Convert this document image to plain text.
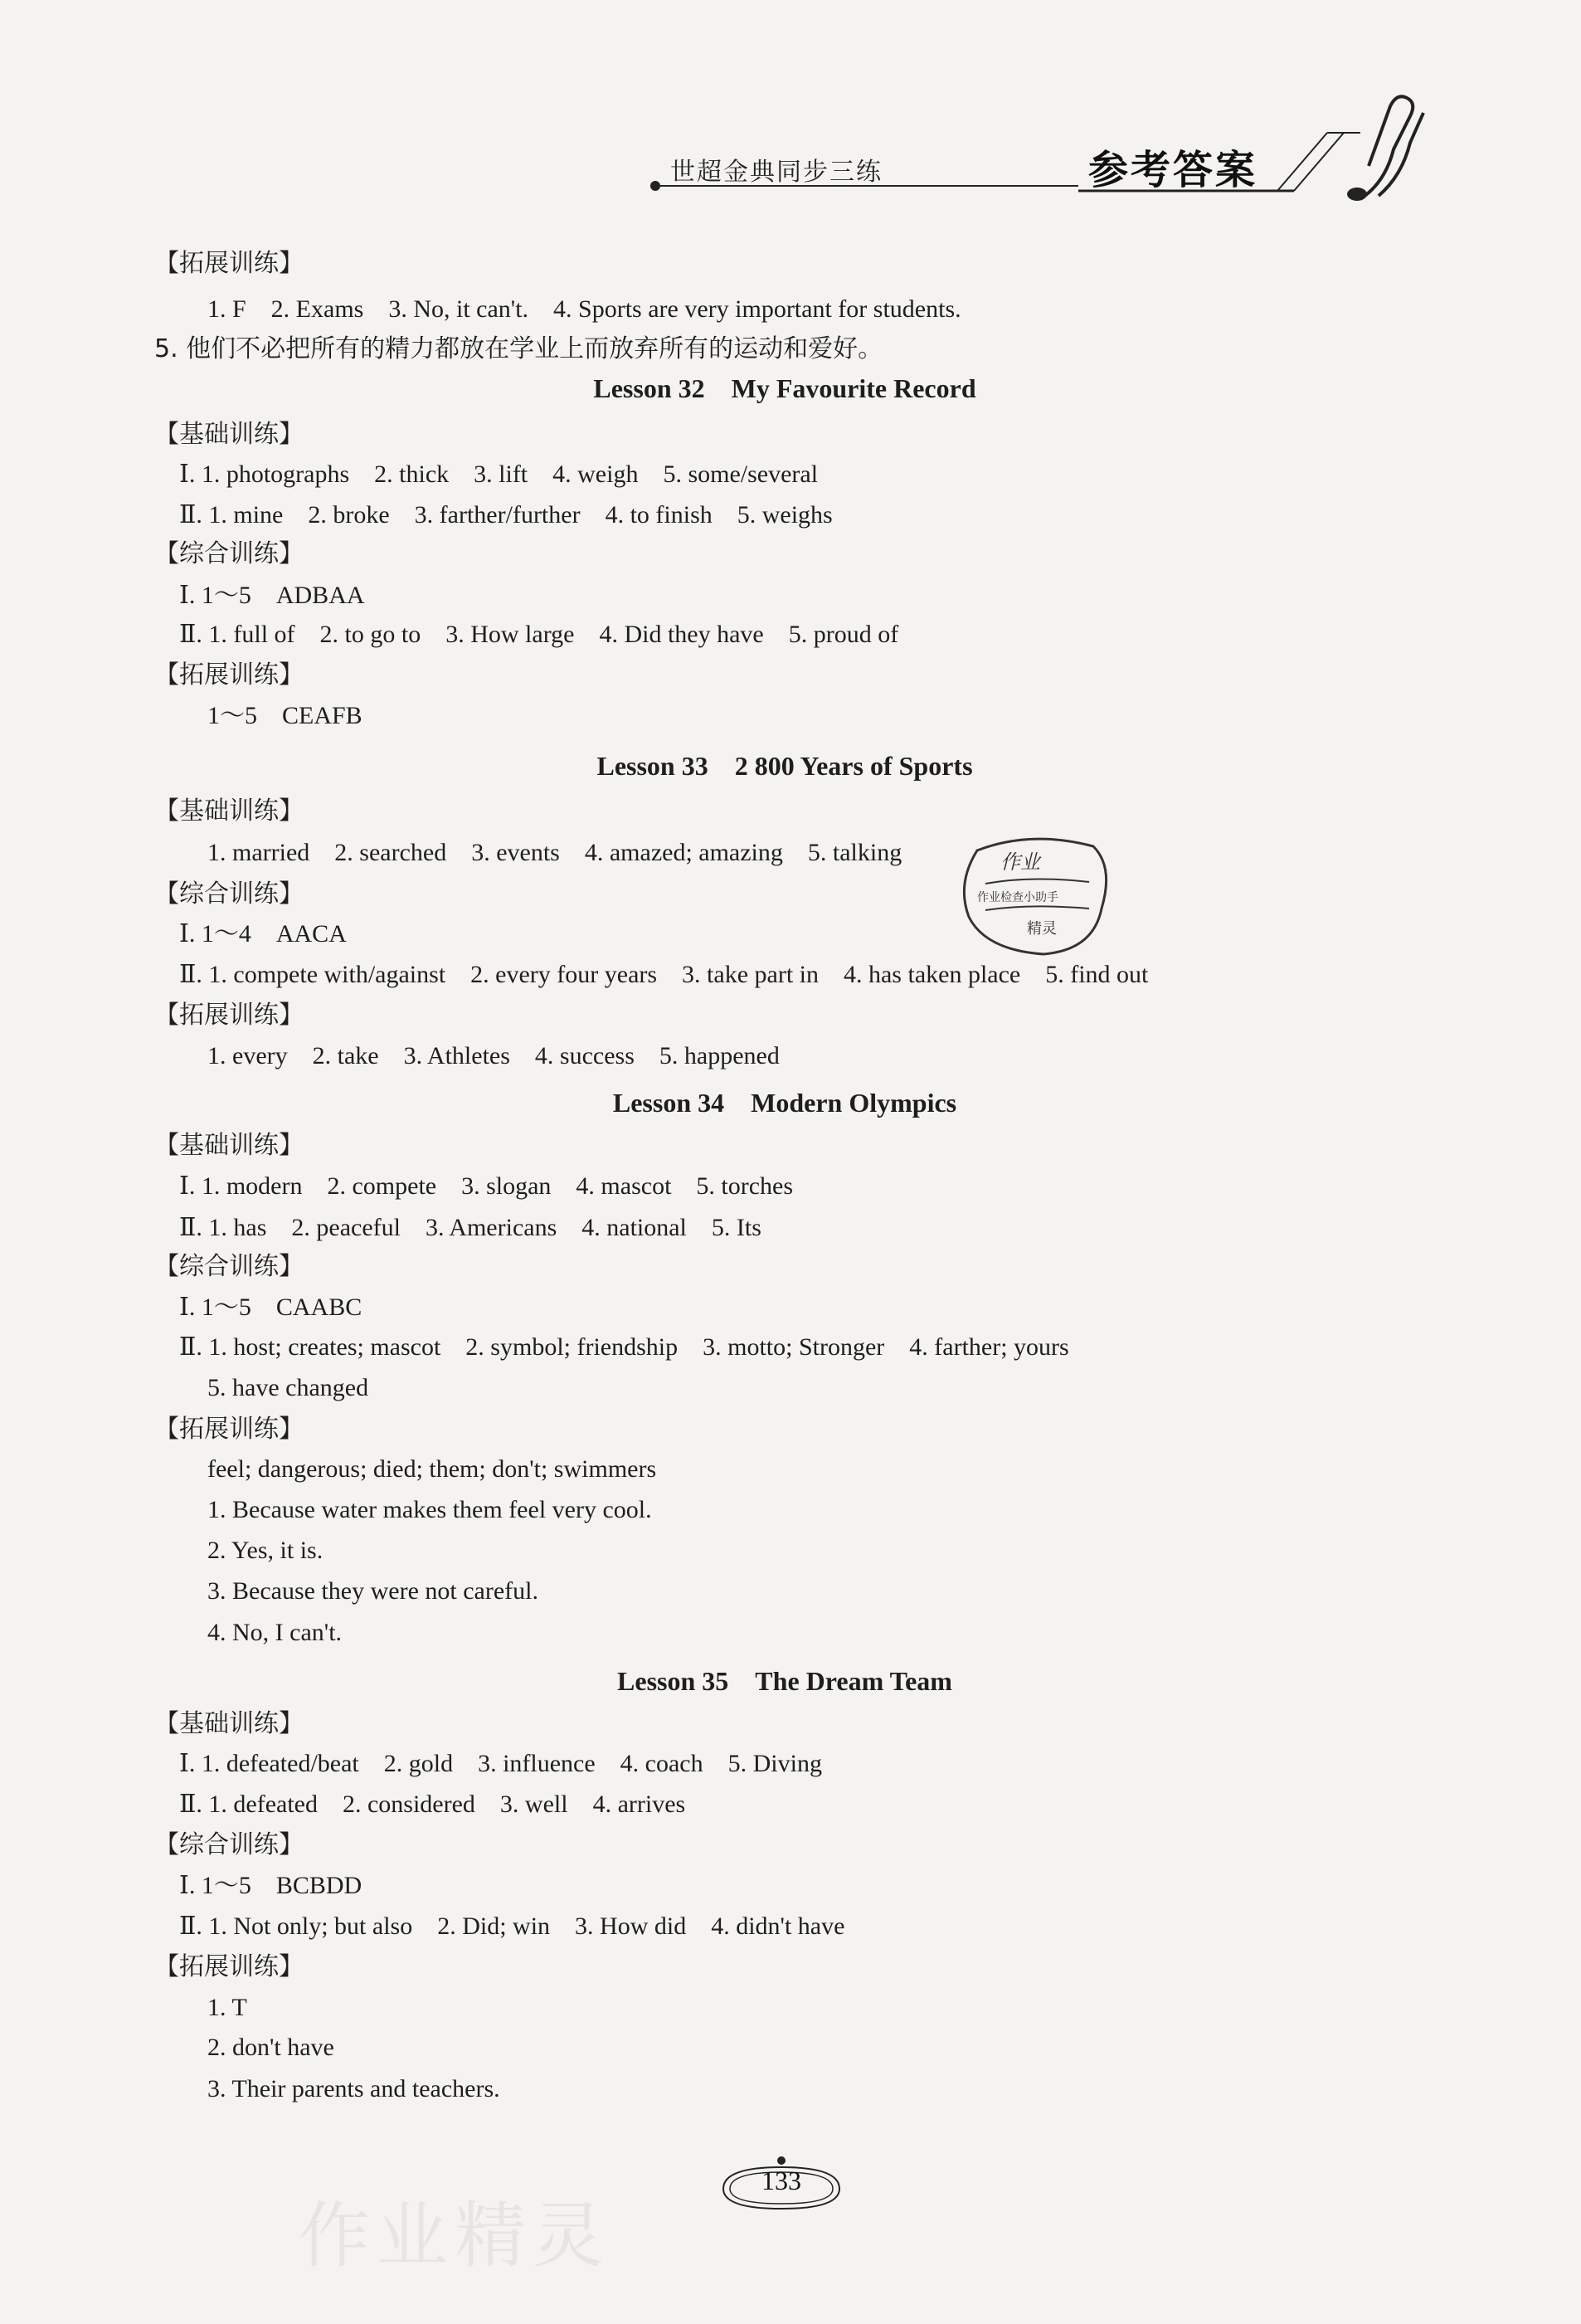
世超金典同步三练	参考答案
【拓展训练】
1. F　2. Exams　3. No, it can't.　4. Sports are very important for students.
5. 他们不必把所有的精力都放在学业上而放弃所有的运动和爱好。
Lesson 32　My Favourite Record
【基础训练】
Ⅰ. 1. photographs　2. thick　3. lift　4. weigh　5. some/several
Ⅱ. 1. mine　2. broke　3. farther/further　4. to finish　5. weighs
【综合训练】
Ⅰ. 1～5　ADBAA
Ⅱ. 1. full of　2. to go to　3. How large　4. Did they have　5. proud of
【拓展训练】
1～5　CEAFB
Lesson 33　2 800 Years of Sports
【基础训练】
1. married　2. searched　3. events　4. amazed; amazing　5. talking
【综合训练】
Ⅰ. 1～4　AACA
Ⅱ. 1. compete with/against　2. every four years　3. take part in　4. has taken place　5. find out
【拓展训练】
1. every　2. take　3. Athletes　4. success　5. happened
Lesson 34　Modern Olympics
【基础训练】
Ⅰ. 1. modern　2. compete　3. slogan　4. mascot　5. torches
Ⅱ. 1. has　2. peaceful　3. Americans　4. national　5. Its
【综合训练】
Ⅰ. 1～5　CAABC
Ⅱ. 1. host; creates; mascot　2. symbol; friendship　3. motto; Stronger　4. farther; yours
5. have changed
【拓展训练】
feel; dangerous; died; them; don't; swimmers
1. Because water makes them feel very cool.
2. Yes, it is.
3. Because they were not careful.
4. No, I can't.
Lesson 35　The Dream Team
【基础训练】
Ⅰ. 1. defeated/beat　2. gold　3. influence　4. coach　5. Diving
Ⅱ. 1. defeated　2. considered　3. well　4. arrives
【综合训练】
Ⅰ. 1～5　BCBDD
Ⅱ. 1. Not only; but also　2. Did; win　3. How did　4. didn't have
【拓展训练】
1. T
2. don't have
3. Their parents and teachers.
作业
作业检查小助手
精灵
133
作业精灵
